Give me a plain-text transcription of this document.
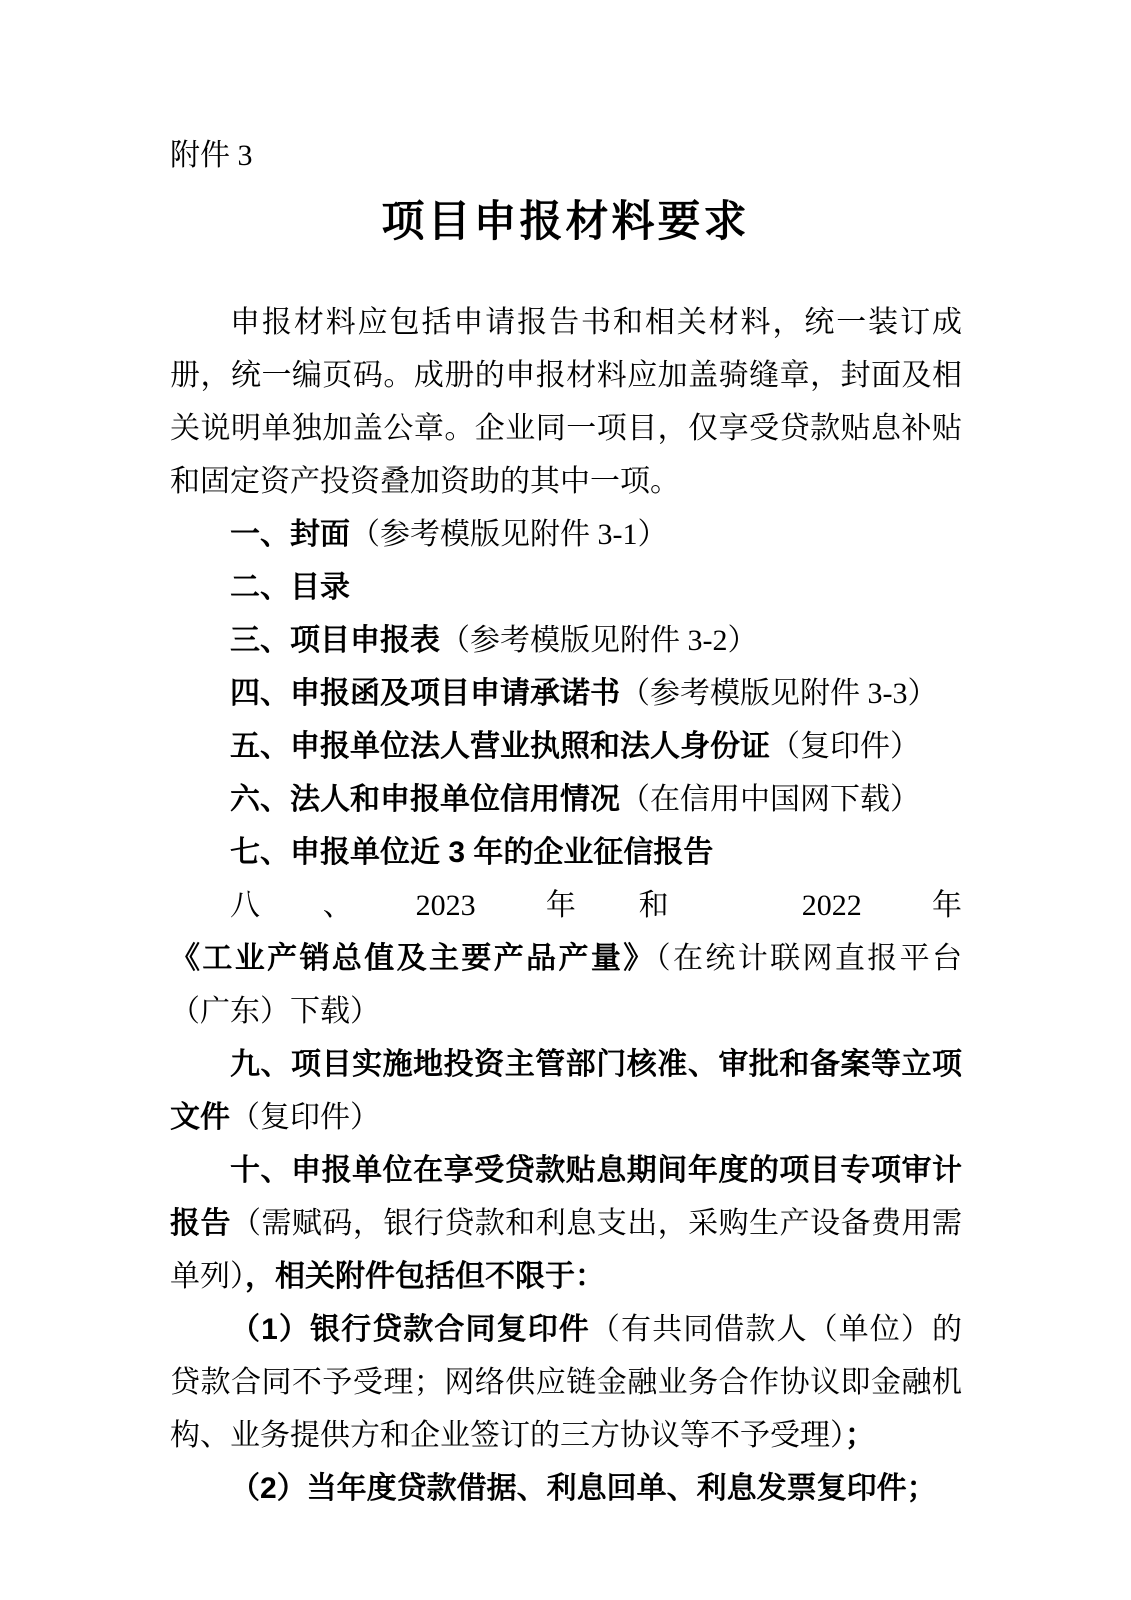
附件 3
项目申报材料要求

申报材料应包括申请报告书和相关材料，统一装订成册，统一编页码。成册的申报材料应加盖骑缝章，封面及相关说明单独加盖公章。企业同一项目，仅享受贷款贴息补贴和固定资产投资叠加资助的其中一项。

一、封面（参考模版见附件 3-1）

二、目录

三、项目申报表（参考模版见附件 3-2）

四、申报函及项目申请承诺书（参考模版见附件 3-3）

五、申报单位法人营业执照和法人身份证（复印件）

六、法人和申报单位信用情况（在信用中国网下载）

七、申报单位近 3 年的企业征信报告

八、2023 年和 2022 年《工业产销总值及主要产品产量》（在统计联网直报平台（广东）下载）

九、项目实施地投资主管部门核准、审批和备案等立项文件（复印件）

十、申报单位在享受贷款贴息期间年度的项目专项审计报告（需赋码，银行贷款和利息支出，采购生产设备费用需单列），相关附件包括但不限于：

（1）银行贷款合同复印件（有共同借款人（单位）的贷款合同不予受理；网络供应链金融业务合作协议即金融机构、业务提供方和企业签订的三方协议等不予受理）；

（2）当年度贷款借据、利息回单、利息发票复印件；
